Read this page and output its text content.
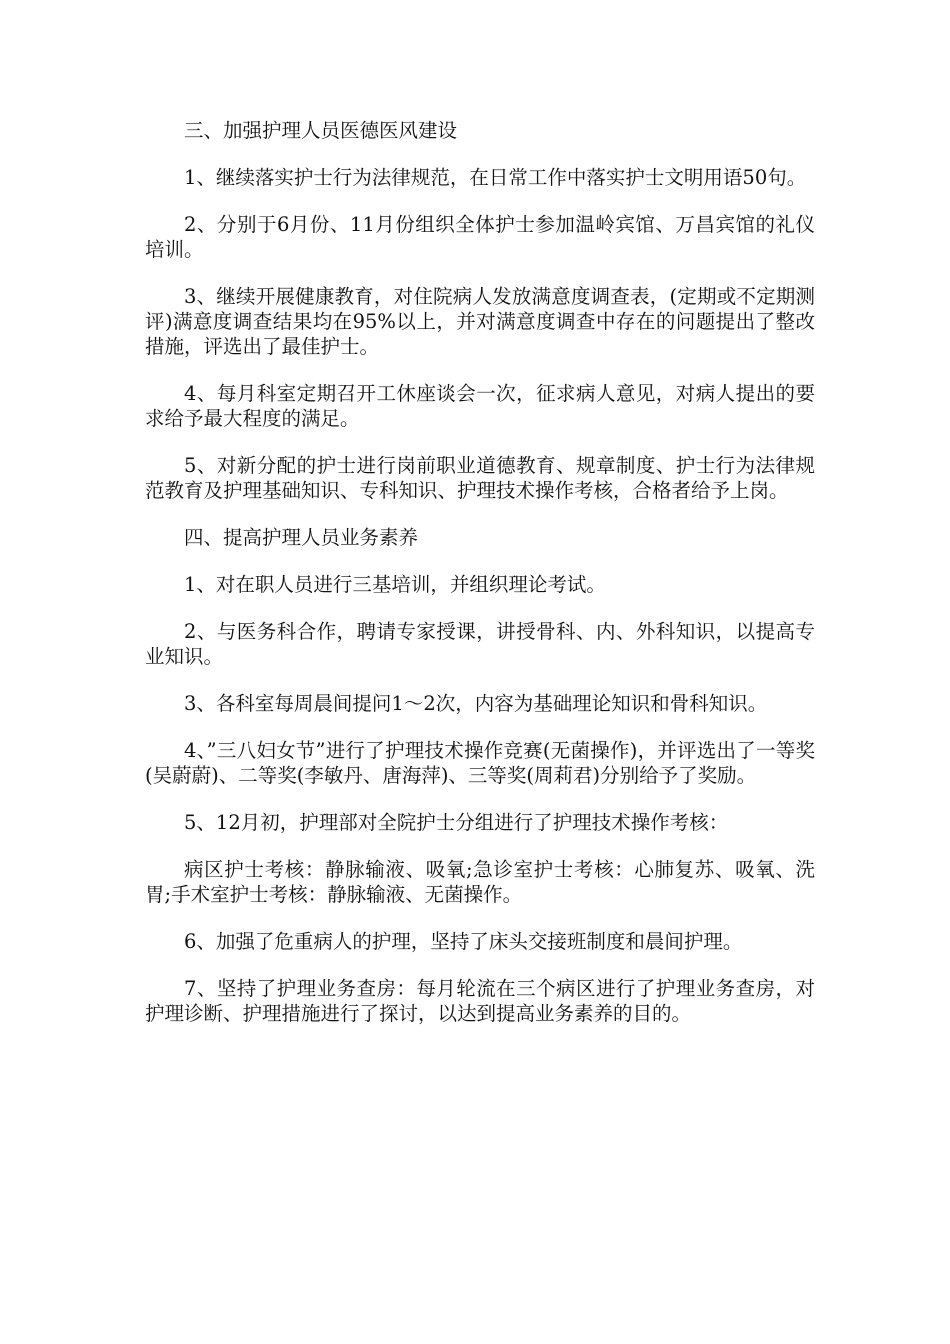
三、加强护理人员医德医风建设

1、继续落实护士行为法律规范，在日常工作中落实护士文明用语50句。

2、分别于6月份、11月份组织全体护士参加温岭宾馆、万昌宾馆的礼仪培训。

3、继续开展健康教育，对住院病人发放满意度调查表，(定期或不定期测评)满意度调查结果均在95%以上，并对满意度调查中存在的问题提出了整改措施，评选出了最佳护士。

4、每月科室定期召开工休座谈会一次，征求病人意见，对病人提出的要求给予最大程度的满足。

5、对新分配的护士进行岗前职业道德教育、规章制度、护士行为法律规范教育及护理基础知识、专科知识、护理技术操作考核，合格者给予上岗。

四、提高护理人员业务素养

1、对在职人员进行三基培训，并组织理论考试。

2、与医务科合作，聘请专家授课，讲授骨科、内、外科知识，以提高专业知识。

3、各科室每周晨间提问1～2次，内容为基础理论知识和骨科知识。

4、”三八妇女节”进行了护理技术操作竞赛(无菌操作)，并评选出了一等奖(吴蔚蔚)、二等奖(李敏丹、唐海萍)、三等奖(周莉君)分别给予了奖励。

5、12月初，护理部对全院护士分组进行了护理技术操作考核：

病区护士考核：静脉输液、吸氧;急诊室护士考核：心肺复苏、吸氧、洗胃;手术室护士考核：静脉输液、无菌操作。

6、加强了危重病人的护理，坚持了床头交接班制度和晨间护理。

7、坚持了护理业务查房：每月轮流在三个病区进行了护理业务查房，对护理诊断、护理措施进行了探讨，以达到提高业务素养的目的。
